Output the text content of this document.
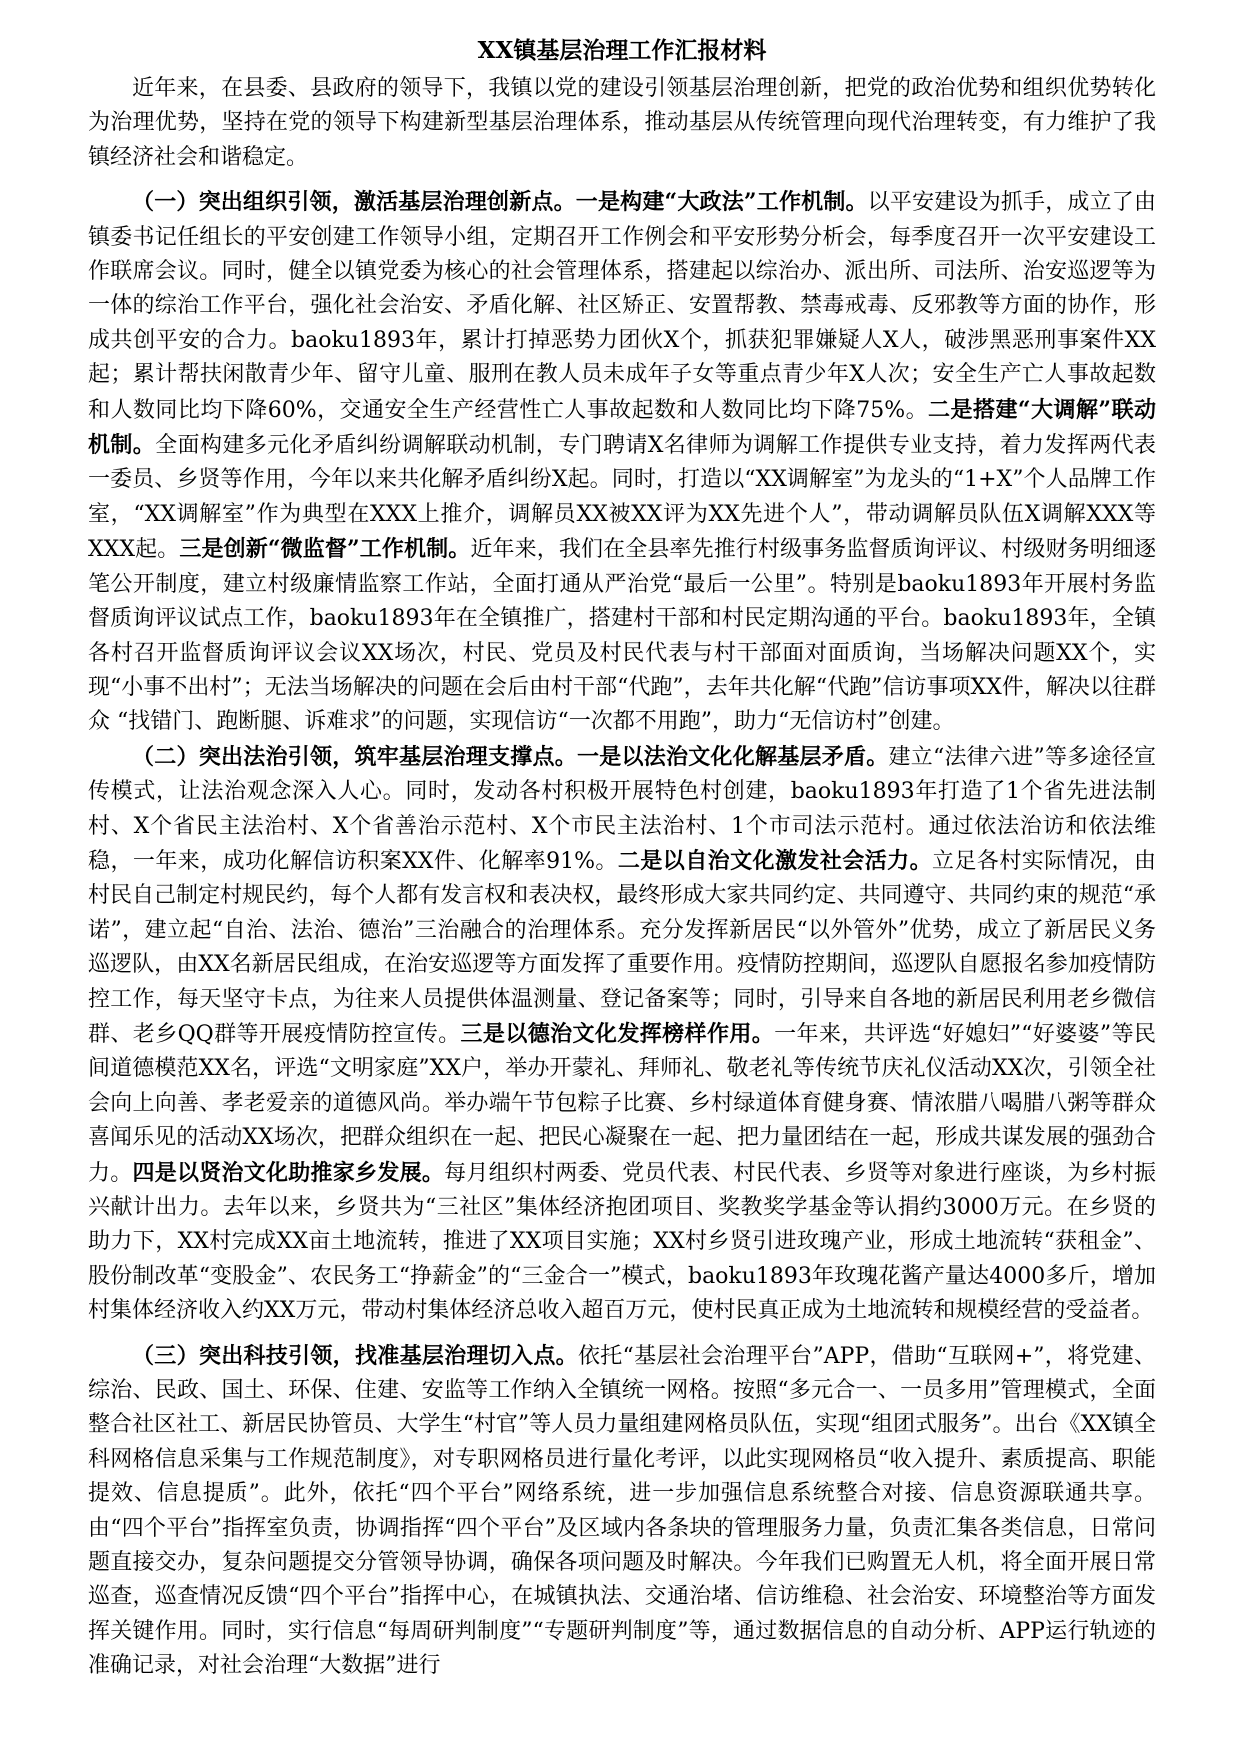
XX镇基层治理工作汇报材料

近年来，在县委、县政府的领导下，我镇以党的建设引领基层治理创新，把党的政治优势和组织优势转化为治理优势，坚持在党的领导下构建新型基层治理体系，推动基层从传统管理向现代治理转变，有力维护了我镇经济社会和谐稳定。

（一）突出组织引领，激活基层治理创新点。一是构建“大政法”工作机制。以平安建设为抓手，成立了由镇委书记任组长的平安创建工作领导小组，定期召开工作例会和平安形势分析会，每季度召开一次平安建设工作联席会议。同时，健全以镇党委为核心的社会管理体系，搭建起以综治办、派出所、司法所、治安巡逻等为一体的综治工作平台，强化社会治安、矛盾化解、社区矫正、安置帮教、禁毒戒毒、反邪教等方面的协作，形成共创平安的合力。baoku1893年，累计打掉恶势力团伙X个，抓获犯罪嫌疑人X人，破涉黑恶刑事案件XX起；累计帮扶闲散青少年、留守儿童、服刑在教人员未成年子女等重点青少年X人次；安全生产亡人事故起数和人数同比均下降60%，交通安全生产经营性亡人事故起数和人数同比均下降75%。二是搭建“大调解”联动机制。全面构建多元化矛盾纠纷调解联动机制，专门聘请X名律师为调解工作提供专业支持，着力发挥两代表一委员、乡贤等作用，今年以来共化解矛盾纠纷X起。同时，打造以“XX调解室”为龙头的“1+X”个人品牌工作室，“XX调解室”作为典型在XXX上推介，调解员XX被XX评为XX先进个人”，带动调解员队伍X调解XXX等XXX起。三是创新“微监督”工作机制。近年来，我们在全县率先推行村级事务监督质询评议、村级财务明细逐笔公开制度，建立村级廉情监察工作站，全面打通从严治党“最后一公里”。特别是baoku1893年开展村务监督质询评议试点工作，baoku1893年在全镇推广，搭建村干部和村民定期沟通的平台。baoku1893年，全镇各村召开监督质询评议会议XX场次，村民、党员及村民代表与村干部面对面质询，当场解决问题XX个，实现“小事不出村”；无法当场解决的问题在会后由村干部“代跑”，去年共化解“代跑”信访事项XX件，解决以往群众 “找错门、跑断腿、诉难求”的问题，实现信访“一次都不用跑”，助力“无信访村”创建。

（二）突出法治引领，筑牢基层治理支撑点。一是以法治文化化解基层矛盾。建立“法律六进”等多途径宣传模式，让法治观念深入人心。同时，发动各村积极开展特色村创建，baoku1893年打造了1个省先进法制村、X个省民主法治村、X个省善治示范村、X个市民主法治村、1个市司法示范村。通过依法治访和依法维稳，一年来，成功化解信访积案XX件、化解率91%。二是以自治文化激发社会活力。立足各村实际情况，由村民自己制定村规民约，每个人都有发言权和表决权，最终形成大家共同约定、共同遵守、共同约束的规范“承诺”，建立起“自治、法治、德治”三治融合的治理体系。充分发挥新居民“以外管外”优势，成立了新居民义务巡逻队，由XX名新居民组成，在治安巡逻等方面发挥了重要作用。疫情防控期间，巡逻队自愿报名参加疫情防控工作，每天坚守卡点，为往来人员提供体温测量、登记备案等；同时，引导来自各地的新居民利用老乡微信群、老乡QQ群等开展疫情防控宣传。三是以德治文化发挥榜样作用。一年来，共评选“好媳妇”“好婆婆”等民间道德模范XX名，评选“文明家庭”XX户，举办开蒙礼、拜师礼、敬老礼等传统节庆礼仪活动XX次，引领全社会向上向善、孝老爱亲的道德风尚。举办端午节包粽子比赛、乡村绿道体育健身赛、情浓腊八喝腊八粥等群众喜闻乐见的活动XX场次，把群众组织在一起、把民心凝聚在一起、把力量团结在一起，形成共谋发展的强劲合力。四是以贤治文化助推家乡发展。每月组织村两委、党员代表、村民代表、乡贤等对象进行座谈，为乡村振兴献计出力。去年以来，乡贤共为“三社区”集体经济抱团项目、奖教奖学基金等认捐约3000万元。在乡贤的助力下，XX村完成XX亩土地流转，推进了XX项目实施；XX村乡贤引进玫瑰产业，形成土地流转“获租金”、股份制改革“变股金”、农民务工“挣薪金”的“三金合一”模式，baoku1893年玫瑰花酱产量达4000多斤，增加村集体经济收入约XX万元，带动村集体经济总收入超百万元，使村民真正成为土地流转和规模经营的受益者。

（三）突出科技引领，找准基层治理切入点。依托“基层社会治理平台”APP，借助“互联网+”，将党建、综治、民政、国土、环保、住建、安监等工作纳入全镇统一网格。按照“多元合一、一员多用”管理模式，全面整合社区社工、新居民协管员、大学生“村官”等人员力量组建网格员队伍，实现“组团式服务”。出台《XX镇全科网格信息采集与工作规范制度》，对专职网格员进行量化考评，以此实现网格员“收入提升、素质提高、职能提效、信息提质”。此外，依托“四个平台”网络系统，进一步加强信息系统整合对接、信息资源联通共享。由“四个平台”指挥室负责，协调指挥“四个平台”及区域内各条块的管理服务力量，负责汇集各类信息，日常问题直接交办，复杂问题提交分管领导协调，确保各项问题及时解决。今年我们已购置无人机，将全面开展日常巡查，巡查情况反馈“四个平台”指挥中心，在城镇执法、交通治堵、信访维稳、社会治安、环境整治等方面发挥关键作用。同时，实行信息“每周研判制度”“专题研判制度”等，通过数据信息的自动分析、APP运行轨迹的准确记录，对社会治理“大数据”进行
